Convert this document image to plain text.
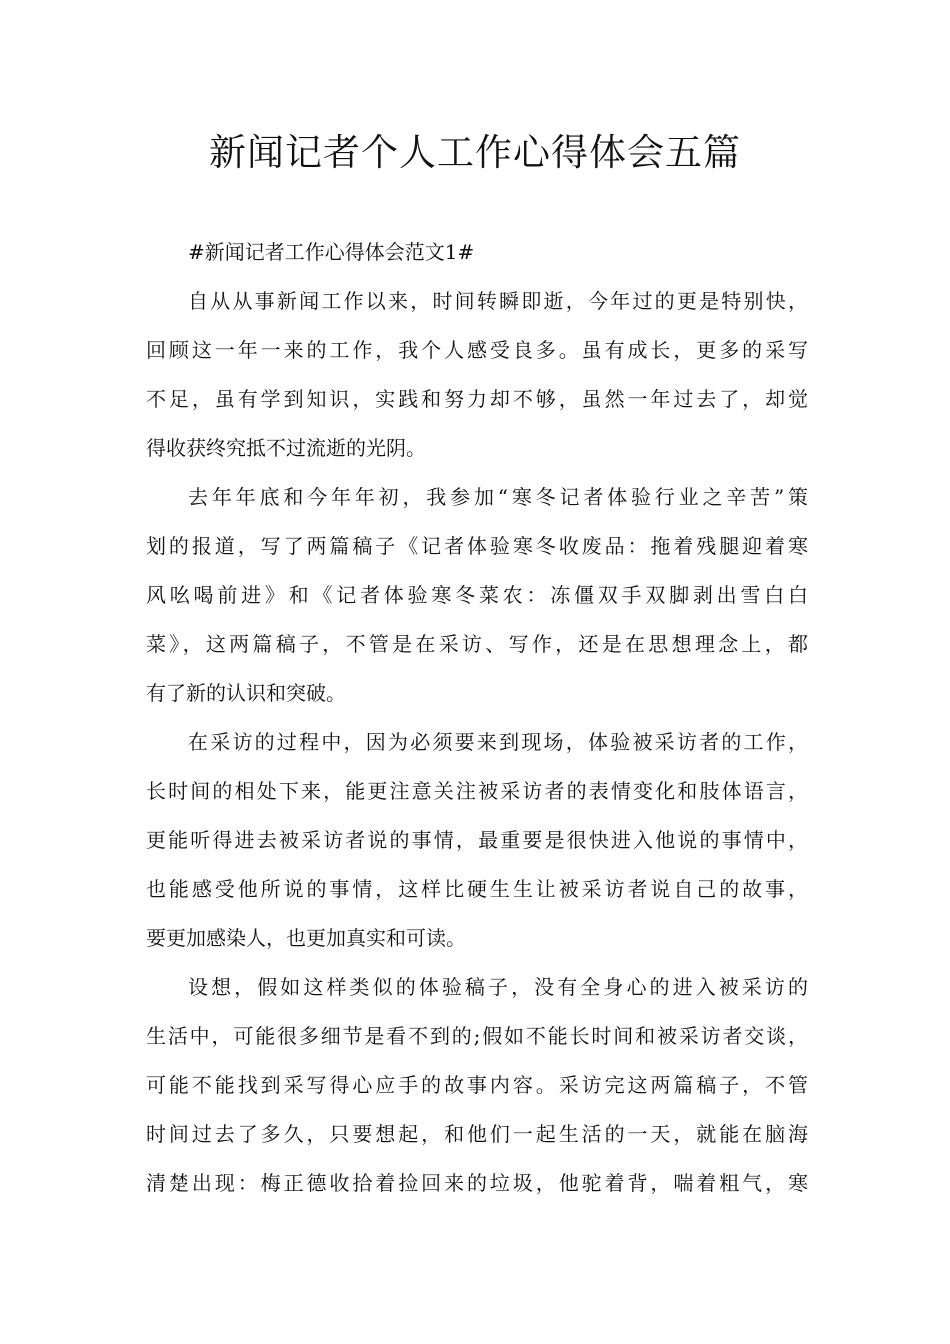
新闻记者个人工作心得体会五篇
#新闻记者工作心得体会范文1#
自从从事新闻工作以来，时间转瞬即逝，今年过的更是特别快，
回顾这一年一来的工作，我个人感受良多。虽有成长，更多的采写
不足，虽有学到知识，实践和努力却不够，虽然一年过去了，却觉
得收获终究抵不过流逝的光阴。
去年年底和今年年初，我参加“寒冬记者体验行业之辛苦”策
划的报道，写了两篇稿子《记者体验寒冬收废品：拖着残腿迎着寒
风吆喝前进》和《记者体验寒冬菜农：冻僵双手双脚剥出雪白白
菜》，这两篇稿子，不管是在采访、写作，还是在思想理念上，都
有了新的认识和突破。
在采访的过程中，因为必须要来到现场，体验被采访者的工作，
长时间的相处下来，能更注意关注被采访者的表情变化和肢体语言，
更能听得进去被采访者说的事情，最重要是很快进入他说的事情中，
也能感受他所说的事情，这样比硬生生让被采访者说自己的故事，
要更加感染人，也更加真实和可读。
设想，假如这样类似的体验稿子，没有全身心的进入被采访的
生活中，可能很多细节是看不到的;假如不能长时间和被采访者交谈，
可能不能找到采写得心应手的故事内容。采访完这两篇稿子，不管
时间过去了多久，只要想起，和他们一起生活的一天，就能在脑海
清楚出现：梅正德收拾着捡回来的垃圾，他驼着背，喘着粗气，寒
